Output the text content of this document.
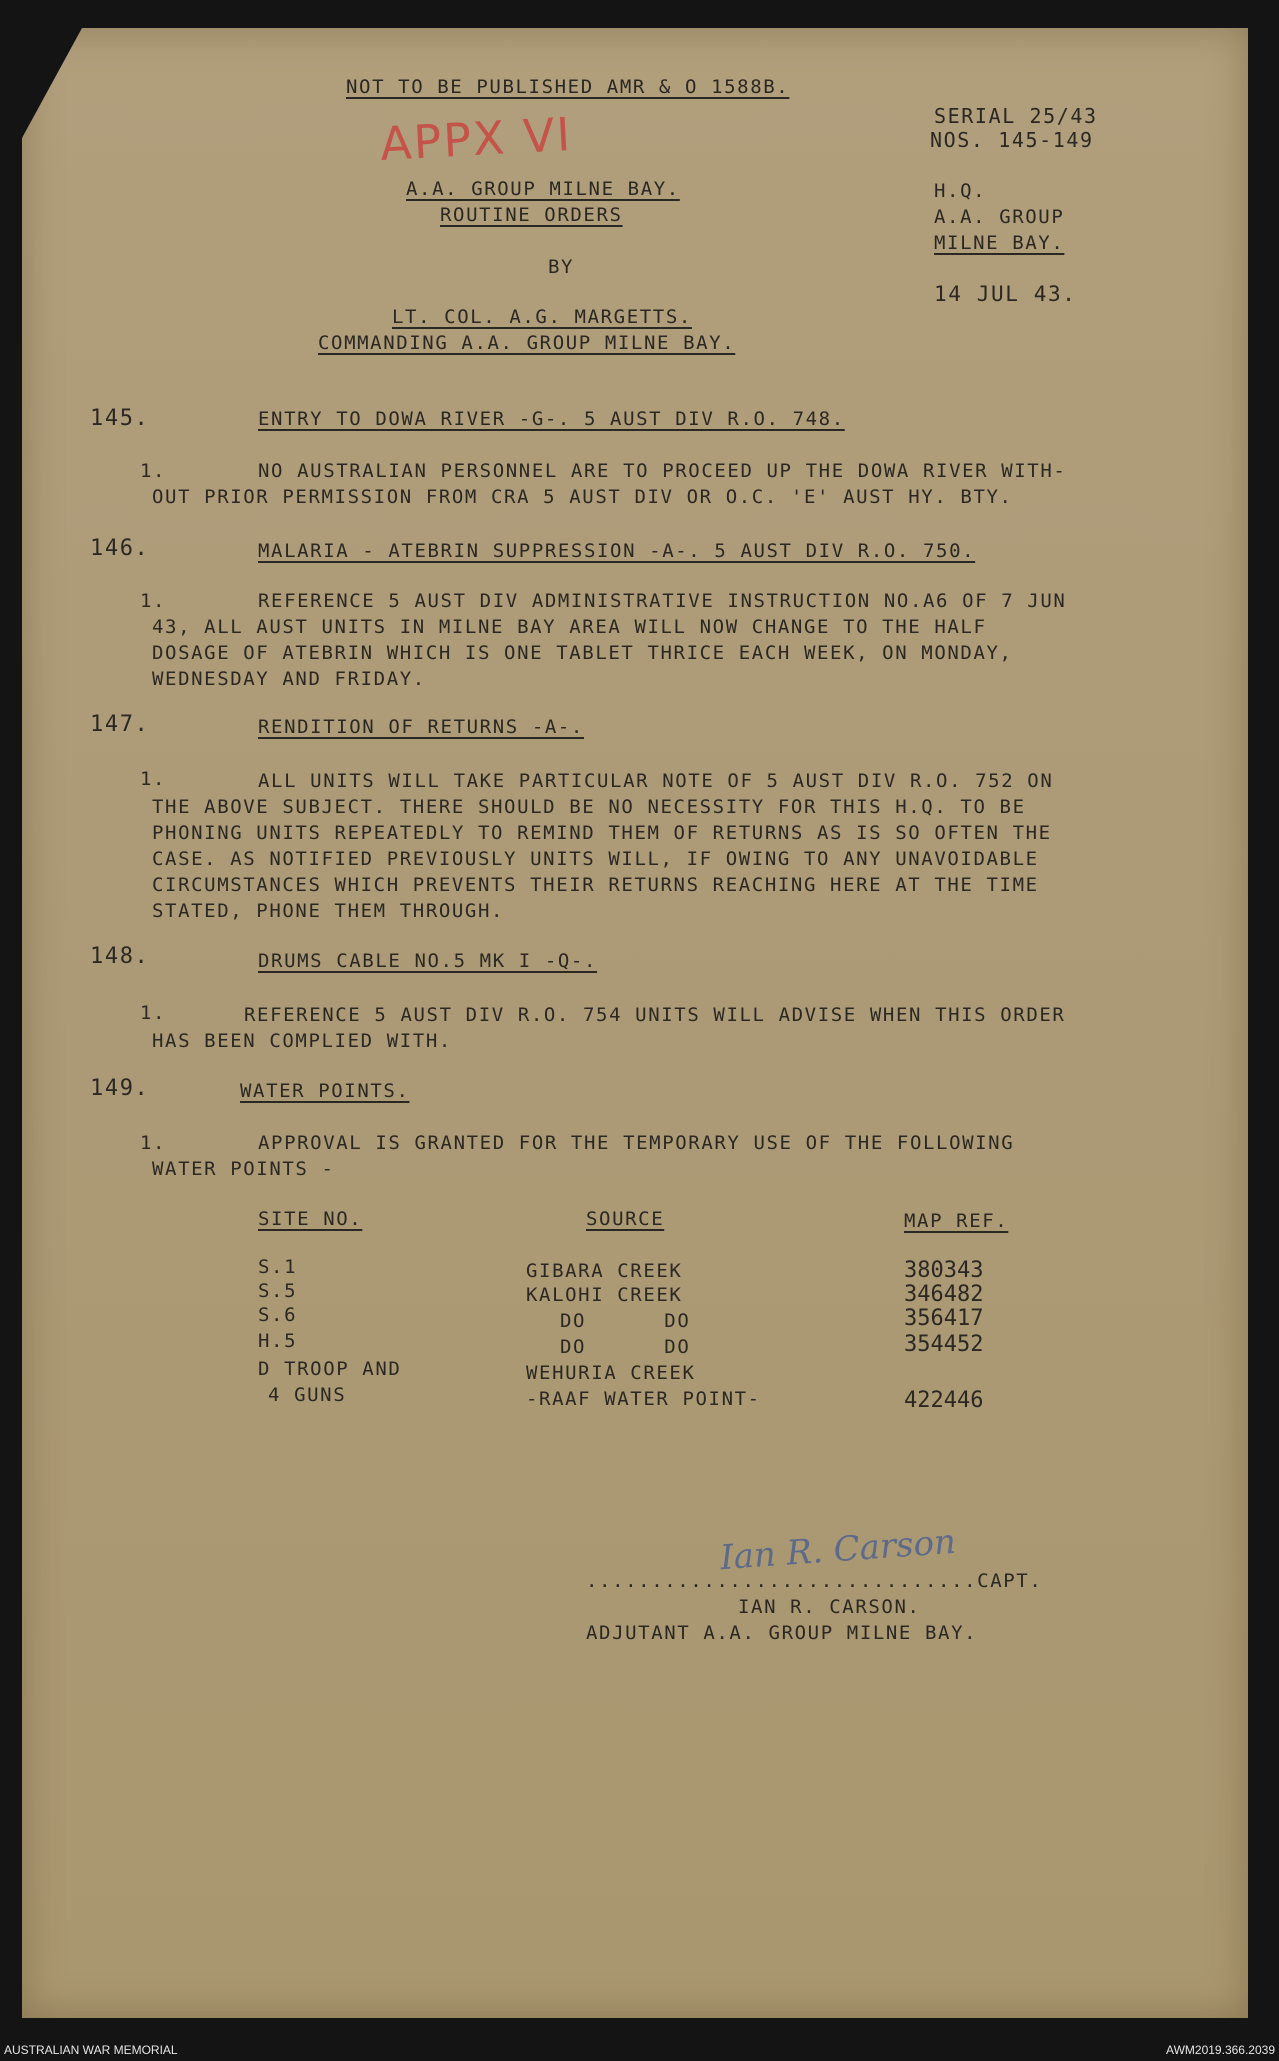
NOT TO BE PUBLISHED AMR & O 1588B.
APPX VI	SERIAL 25/43
NOS. 145-149
H.Q.
A.A. GROUP
MILNE BAY.
14 JUL 43.
A.A. GROUP MILNE BAY.
ROUTINE ORDERS
BY
LT. COL. A.G. MARGETTS.
COMMANDING A.A. GROUP MILNE BAY.
145.	ENTRY TO DOWA RIVER -G-. 5 AUST DIV R.O. 748.
1.	NO AUSTRALIAN PERSONNEL ARE TO PROCEED UP THE DOWA RIVER WITH-
OUT PRIOR PERMISSION FROM CRA 5 AUST DIV OR O.C. 'E' AUST HY. BTY.
146.	MALARIA - ATEBRIN SUPPRESSION -A-. 5 AUST DIV R.O. 750.
1.	REFERENCE 5 AUST DIV ADMINISTRATIVE INSTRUCTION NO.A6 OF 7 JUN
43, ALL AUST UNITS IN MILNE BAY AREA WILL NOW CHANGE TO THE HALF
DOSAGE OF ATEBRIN WHICH IS ONE TABLET THRICE EACH WEEK, ON MONDAY,
WEDNESDAY AND FRIDAY.
147.	RENDITION OF RETURNS -A-.
1.	ALL UNITS WILL TAKE PARTICULAR NOTE OF 5 AUST DIV R.O. 752 ON
THE ABOVE SUBJECT. THERE SHOULD BE NO NECESSITY FOR THIS H.Q. TO BE
PHONING UNITS REPEATEDLY TO REMIND THEM OF RETURNS AS IS SO OFTEN THE
CASE. AS NOTIFIED PREVIOUSLY UNITS WILL, IF OWING TO ANY UNAVOIDABLE
CIRCUMSTANCES WHICH PREVENTS THEIR RETURNS REACHING HERE AT THE TIME
STATED, PHONE THEM THROUGH.
148.	DRUMS CABLE NO.5 MK I -Q-.
1.	REFERENCE 5 AUST DIV R.O. 754 UNITS WILL ADVISE WHEN THIS ORDER
HAS BEEN COMPLIED WITH.
149.	WATER POINTS.
1.	APPROVAL IS GRANTED FOR THE TEMPORARY USE OF THE FOLLOWING
WATER POINTS -
SITE NO.	SOURCE	MAP REF.
S.1	GIBARA CREEK	380343
S.5	KALOHI CREEK	346482
S.6	DO      DO	356417
H.5	DO      DO	354452
D TROOP AND	WEHURIA CREEK
4 GUNS	-RAAF WATER POINT-	422446
Ian R. Carson
..............................CAPT.
IAN R. CARSON.
ADJUTANT A.A. GROUP MILNE BAY.
AUSTRALIAN WAR MEMORIAL	AWM2019.366.2039
